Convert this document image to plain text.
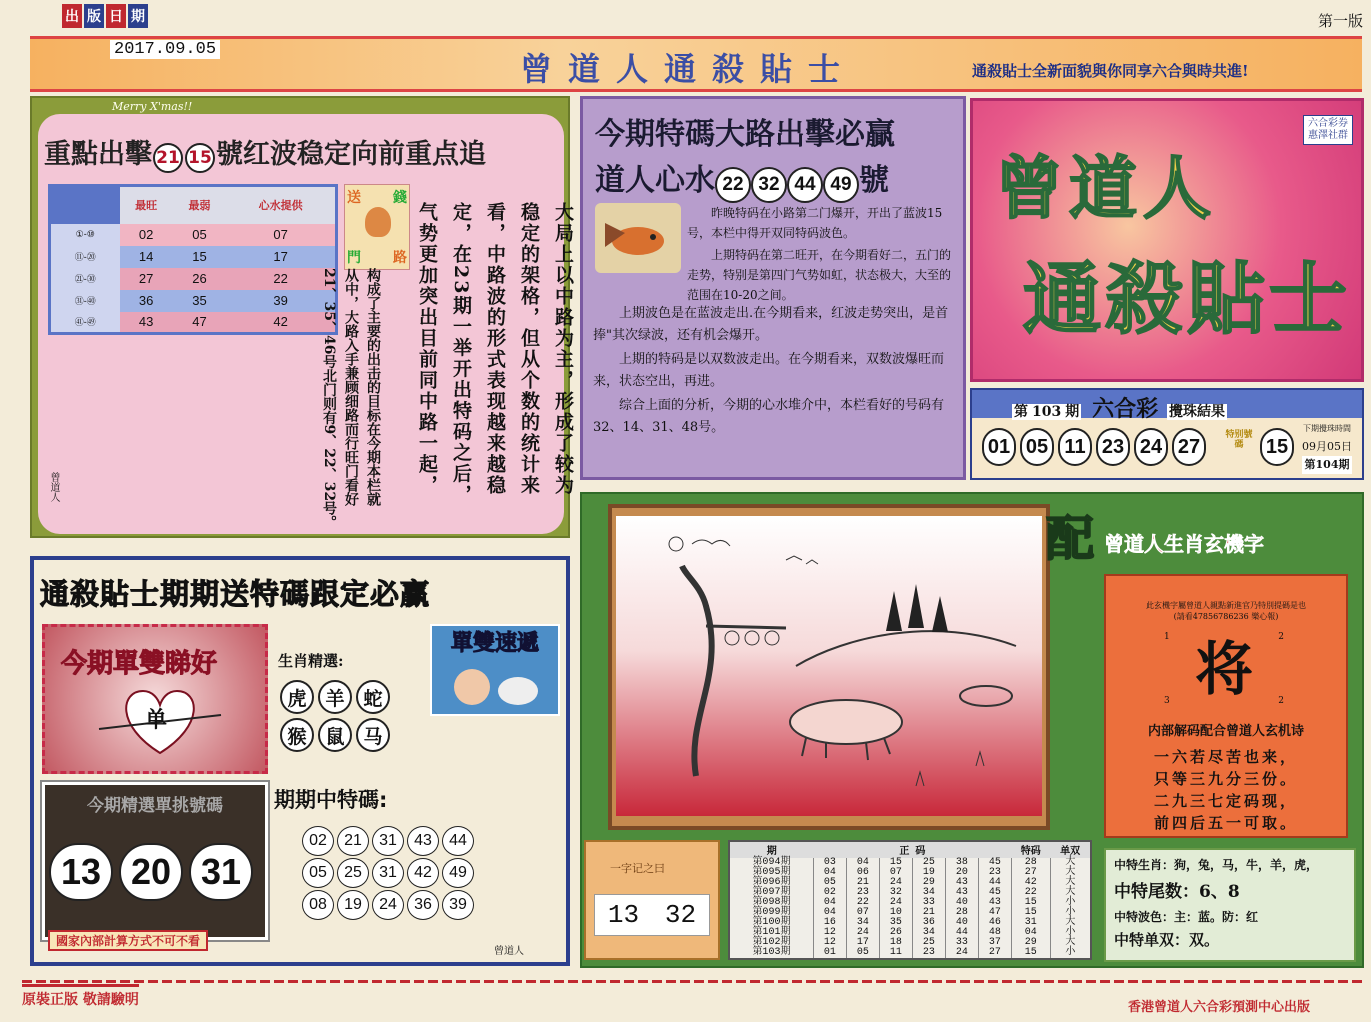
出 版 日 期
2017.09.05
第一版
曾道人通殺貼士	通殺貼士全新面貌與你同享六合與時共進!
Merry X'mas!!
重點出擊 21 15 號红波稳定向前重点追
	最旺	最弱	心水提供
①-⑩	02	05	07
⑪-⑳	14	15	17
㉑-㉚	27	26	22
㉛-㊵	36	35	39
㊶-㊾	43	47	42
送 錢
門 路	大局上以中路为主，形成了较为
稳定的架格，但从个数的统计来
看，中路波的形式表现越来越稳
定，在23期一举开出特码之后，
气势更加突出目前同中路一起，
构成了主要的出击的目标在今期本栏就
从中，大路入手兼顾细路而行旺门看好
21、35、46号北门则有9、22、32号。
曾道人
今期特碼大路出擊必贏
道人心水 22 32 44 49 號
昨晚特码在小路第二门爆开，开出了蓝波15号，本栏中得开双同特码波色。
上期特码在第二旺开，在今期看好二，五门的走势，特别是第四门气势如虹，状态极大，大至的范围在10-20之间。
上期波色是在蓝波走出.在今期看来，红波走势突出，是首捧"其次绿波，还有机会爆开。
上期的特码是以双数波走出。在今期看来，双数波爆旺而来，状态空出，再进。
综合上面的分析，今期的心水堆介中，本栏看好的号码有32、14、31、48号。
六合彩券
惠澤社群
曾道人
通殺貼士
第 103 期 六合彩 攪珠結果
01 05 11 23 24 27
特别號碼	15
下期攪珠時間
09月05日
第104期
通殺貼士期期送特碼跟定必贏
今期單雙睇好
单
單雙速遞
生肖精選:
虎 羊 蛇
猴 鼠 马
今期精選單挑號碼
13 20 31
期期中特碼:
02	21	31	43	44
05	25	31	42	49
08	19	24	36	39
國家內部計算方式不可不看
曾道人
配 曾道人生肖玄機字
此玄機字屬曾道人親點新進官乃特別提碼是也
(請看47856786236 樂心報)
1	2
3	2
将
内部解码配合曾道人玄机诗
一六若尽苦也来，
只等三九分三份。
二九三七定码现，
前四后五一可取。
中特生肖：狗，兔，马，牛，羊，虎，
中特尾数：6、8
中特波色：主：蓝。防：红
中特单双：双。
一字记之曰
13 32
期	正 码						特码	单双
第094期	03	04	15	25	38	45	28	大
第095期	04	06	07	19	20	23	27	大
第096期	05	21	24	29	43	44	42	大
第097期	02	23	32	34	43	45	22	大
第098期	04	22	24	33	40	43	15	小
第099期	04	07	10	21	28	47	15	小
第100期	16	34	35	36	40	46	31	大
第101期	12	24	26	34	44	48	04	小
第102期	12	17	18	25	33	37	29	大
第103期	01	05	11	23	24	27	15	小
原裝正版 敬請驗明	香港曾道人六合彩預測中心出版
